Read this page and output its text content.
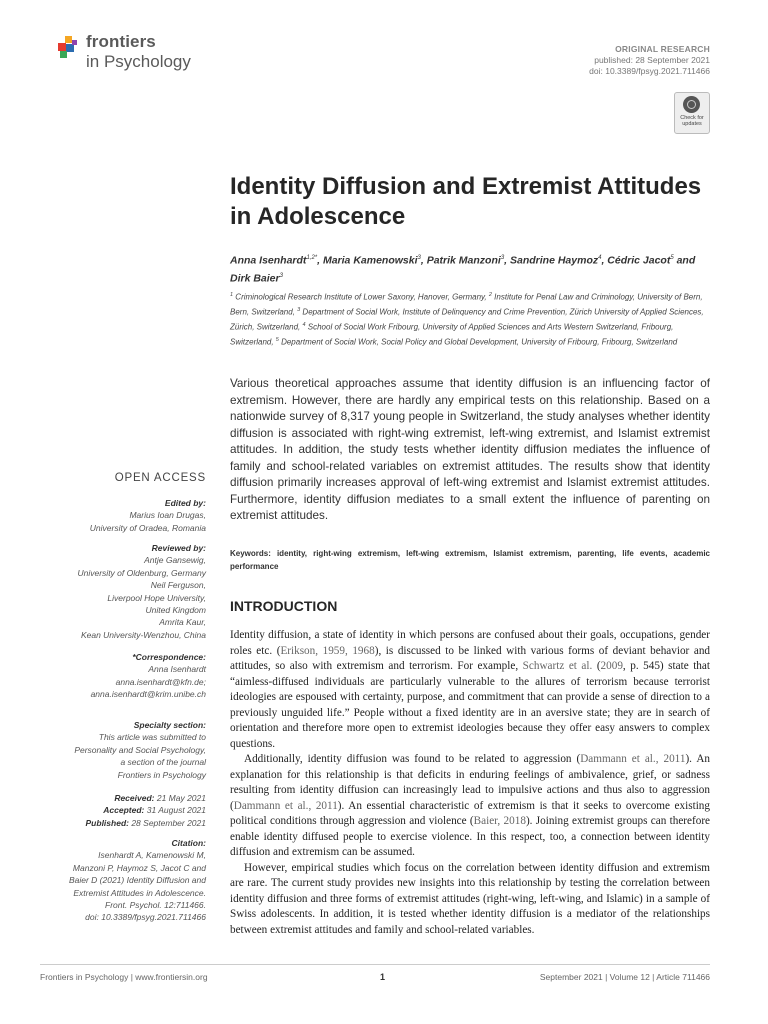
frontiers
in Psychology
ORIGINAL RESEARCH
published: 28 September 2021
doi: 10.3389/fpsyg.2021.711466
Check for updates
Identity Diffusion and Extremist Attitudes in Adolescence
Anna Isenhardt$^{1,2*}$, Maria Kamenowski$^3$, Patrik Manzoni$^3$, Sandrine Haymoz$^4$, Cédric Jacot$^5$ and Dirk Baier$^3$
$^1$ Criminological Research Institute of Lower Saxony, Hanover, Germany, $^2$ Institute for Penal Law and Criminology, University of Bern, Bern, Switzerland, $^3$ Department of Social Work, Institute of Delinquency and Crime Prevention, Zürich University of Applied Sciences, Zürich, Switzerland, $^4$ School of Social Work Fribourg, University of Applied Sciences and Arts Western Switzerland, Fribourg, Switzerland, $^5$ Department of Social Work, Social Policy and Global Development, University of Fribourg, Fribourg, Switzerland
Various theoretical approaches assume that identity diffusion is an influencing factor of extremism. However, there are hardly any empirical tests on this relationship. Based on a nationwide survey of 8,317 young people in Switzerland, the study analyses whether identity diffusion is associated with right-wing extremist, left-wing extremist, and Islamist extremist attitudes. In addition, the study tests whether identity diffusion mediates the influence of family and school-related variables on extremist attitudes. The results show that identity diffusion primarily increases approval of left-wing extremist and Islamist extremist attitudes. Furthermore, identity diffusion mediates to a small extent the influence of parenting on extremist attitudes.
Keywords: identity, right-wing extremism, left-wing extremism, Islamist extremism, parenting, life events, academic performance
INTRODUCTION

Identity diffusion, a state of identity in which persons are confused about their goals, occupations, gender roles etc. (Erikson, 1959, 1968), is discussed to be linked with various forms of deviant behavior and attitudes, so also with extremism and terrorism. For example, Schwartz et al. (2009, p. 545) state that “aimless-diffused individuals are particularly vulnerable to the allures of terrorism because terrorist ideologies are espoused with certainty, purpose, and commitment that can provide a sense of direction to a previously unguided life.” People without a fixed identity are in an aversive state; they are in search of orientation and therefore more open to extremist ideologies because they offer easy answers to complex questions.

Additionally, identity diffusion was found to be related to aggression (Dammann et al., 2011). An explanation for this relationship is that deficits in enduring feelings of ambivalence, grief, or sadness resulting from identity diffusion can increasingly lead to impulsive actions and thus also to aggression (Dammann et al., 2011). An essential characteristic of extremism is that it seeks to overcome existing political conditions through aggression and violence (Baier, 2018). Joining extremist groups can therefore enable identity diffused people to exercise violence. In this respect, too, a connection between identity diffusion and extremism can be assumed.

However, empirical studies which focus on the correlation between identity diffusion and extremism are rare. The current study provides new insights into this relationship by testing the correlation between identity diffusion and three forms of extremist attitudes (right-wing, left-wing, and Islamic) in a sample of Swiss adolescents. In addition, it is tested whether identity diffusion is a mediator of the relationships between extremist attitudes and family and school-related variables.

OPEN ACCESS
Edited by:
Marius Ioan Drugas,
University of Oradea, Romania
Reviewed by:
Antje Gansewig,
University of Oldenburg, Germany
Neil Ferguson,
Liverpool Hope University,
United Kingdom
Amrita Kaur,
Kean University-Wenzhou, China
*Correspondence:
Anna Isenhardt
anna.isenhardt@kfn.de;
anna.isenhardt@krim.unibe.ch
Specialty section:
This article was submitted to
Personality and Social Psychology,
a section of the journal
Frontiers in Psychology
Received: 21 May 2021
Accepted: 31 August 2021
Published: 28 September 2021
Citation:
Isenhardt A, Kamenowski M,
Manzoni P, Haymoz S, Jacot C and
Baier D (2021) Identity Diffusion and
Extremist Attitudes in Adolescence.
Front. Psychol. 12:711466.
doi: 10.3389/fpsyg.2021.711466
Frontiers in Psychology | www.frontiersin.org	1	September 2021 | Volume 12 | Article 711466
